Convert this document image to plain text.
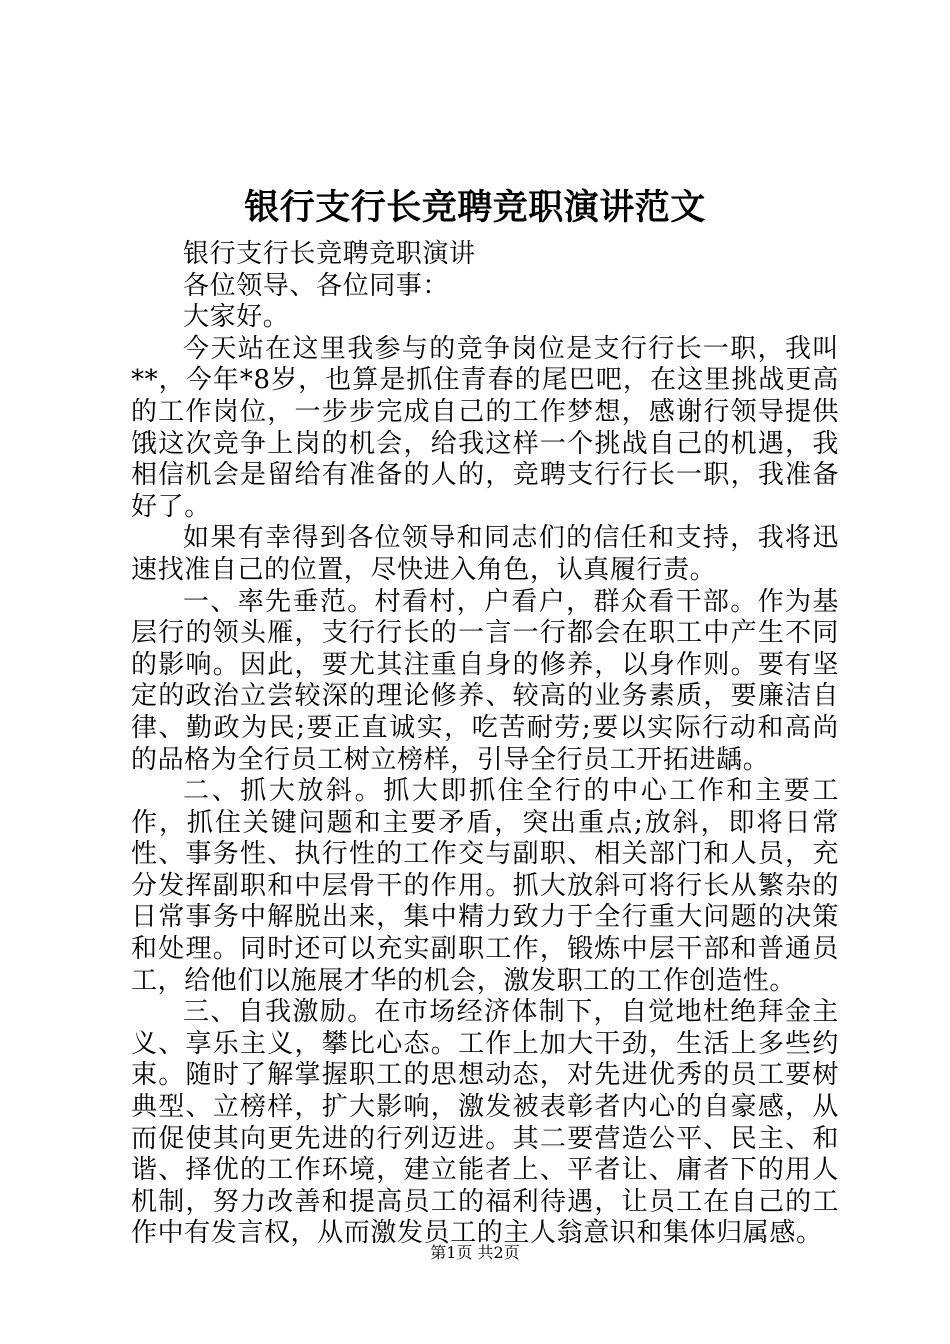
银行支行长竞聘竞职演讲范文

银行支行长竞聘竞职演讲

各位领导、各位同事：

大家好。

今天站在这里我参与的竞争岗位是支行行长一职，我叫**，今年*8岁，也算是抓住青春的尾巴吧，在这里挑战更高的工作岗位，一步步完成自己的工作梦想，感谢行领导提供饿这次竞争上岗的机会，给我这样一个挑战自己的机遇，我相信机会是留给有准备的人的，竞聘支行行长一职，我准备好了。

如果有幸得到各位领导和同志们的信任和支持，我将迅速找准自己的位置，尽快进入角色，认真履行责。

一、率先垂范。村看村，户看户，群众看干部。作为基层行的领头雁，支行行长的一言一行都会在职工中产生不同的影响。因此，要尤其注重自身的修养，以身作则。要有坚定的政治立尝较深的理论修养、较高的业务素质，要廉洁自律、勤政为民;要正直诚实，吃苦耐劳;要以实际行动和高尚的品格为全行员工树立榜样，引导全行员工开拓进龋。

二、抓大放斜。抓大即抓住全行的中心工作和主要工作，抓住关键问题和主要矛盾，突出重点;放斜，即将日常性、事务性、执行性的工作交与副职、相关部门和人员，充分发挥副职和中层骨干的作用。抓大放斜可将行长从繁杂的日常事务中解脱出来，集中精力致力于全行重大问题的决策和处理。同时还可以充实副职工作，锻炼中层干部和普通员工，给他们以施展才华的机会，激发职工的工作创造性。

三、自我激励。在市场经济体制下，自觉地杜绝拜金主义、享乐主义，攀比心态。工作上加大干劲，生活上多些约束。随时了解掌握职工的思想动态，对先进优秀的员工要树典型、立榜样，扩大影响，激发被表彰者内心的自豪感，从而促使其向更先进的行列迈进。其二要营造公平、民主、和谐、择优的工作环境，建立能者上、平者让、庸者下的用人机制，努力改善和提高员工的福利待遇，让员工在自己的工作中有发言权，从而激发员工的主人翁意识和集体归属感。

第1页 共2页
